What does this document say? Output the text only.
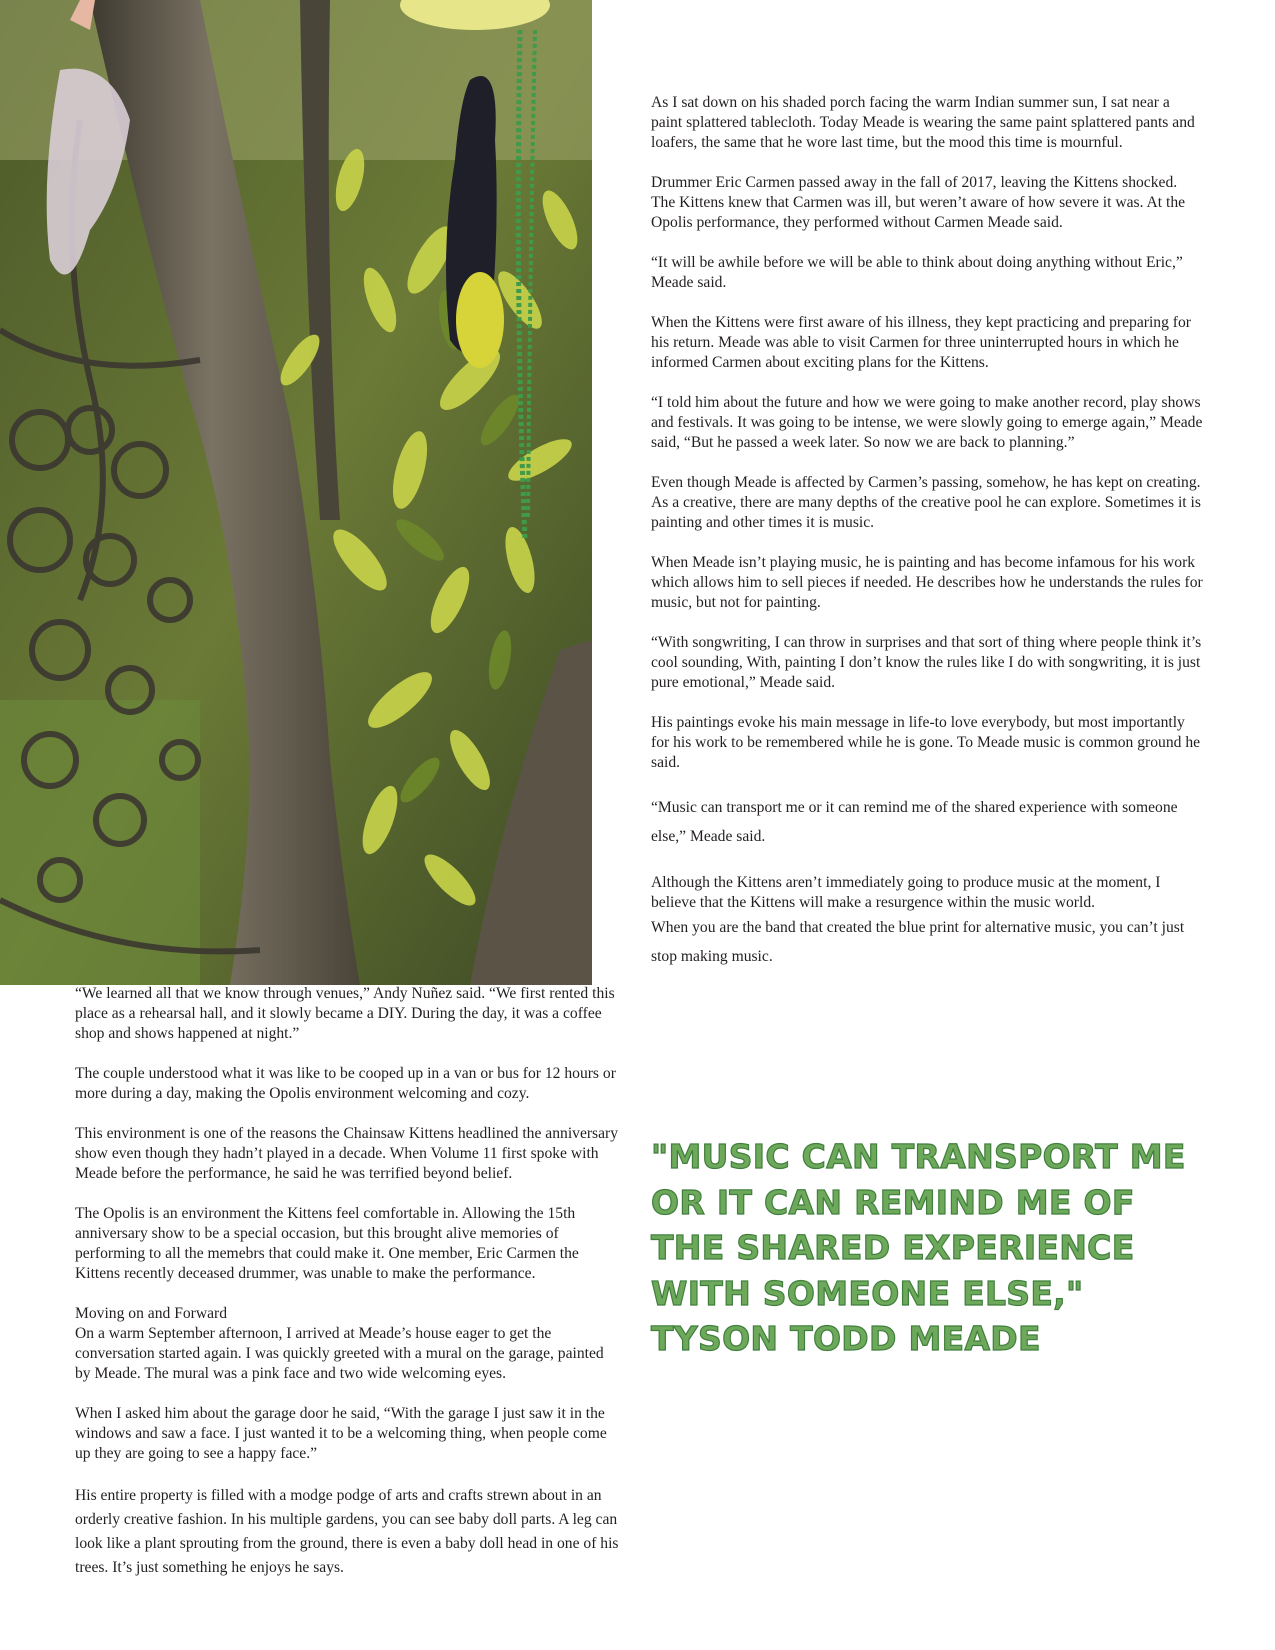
“We learned all that we know through venues,” Andy Nuñez said. “We first rented this place as a rehearsal hall, and it slowly became a DIY. During the day, it was a coffee shop and shows happened at night.”

The couple understood what it was like to be cooped up in a van or bus for 12 hours or more during a day, making the Opolis environment welcoming and cozy.

This environment is one of the reasons the Chainsaw Kittens headlined the anniversary show even though they hadn’t played in a decade. When Volume 11 first spoke with Meade before the performance, he said he was terrified beyond belief.

The Opolis is an environment the Kittens feel comfortable in. Allowing the 15th anniversary show to be a special occasion, but this brought alive memories of performing to all the memebrs that could make it. One member, Eric Carmen the Kittens recently deceased drummer, was unable to make the performance.

Moving on and Forward
On a warm September afternoon, I arrived at Meade’s house eager to get the conversation started again. I was quickly greeted with a mural on the garage, painted by Meade. The mural was a pink face and two wide welcoming eyes.

When I asked him about the garage door he said, “With the garage I just saw it in the windows and saw a face. I just wanted it to be a welcoming thing, when people come up they are going to see a happy face.”

His entire property is filled with a modge podge of arts and crafts strewn about in an orderly creative fashion. In his multiple gardens, you can see baby doll parts. A leg can look like a plant sprouting from the ground, there is even a baby doll head in one of his trees. It’s just something he enjoys he says.

As I sat down on his shaded porch facing the warm Indian summer sun, I sat near a paint splattered tablecloth. Today Meade is wearing the same paint splattered pants and loafers, the same that he wore last time, but the mood this time is mournful.

Drummer Eric Carmen passed away in the fall of 2017, leaving the Kittens shocked. The Kittens knew that Carmen was ill, but weren’t aware of how severe it was. At the Opolis performance, they performed without Carmen Meade said.

“It will be awhile before we will be able to think about doing anything without Eric,” Meade said.

When the Kittens were first aware of his illness, they kept practicing and preparing for his return. Meade was able to visit Carmen for three uninterrupted hours in which he informed Carmen about exciting plans for the Kittens.

“I told him about the future and how we were going to make another record, play shows and festivals. It was going to be intense, we were slowly going to emerge again,” Meade said, “But he passed a week later. So now we are back to planning.”

Even though Meade is affected by Carmen’s passing, somehow, he has kept on creating. As a creative, there are many depths of the creative pool he can explore. Sometimes it is painting and other times it is music.

When Meade isn’t playing music, he is painting and has become infamous for his work which allows him to sell pieces if needed. He describes how he understands the rules for music, but not for painting.

“With songwriting, I can throw in surprises and that sort of thing where people think it’s cool sounding, With, painting I don’t know the rules like I do with songwriting, it is just pure emotional,” Meade said.

His paintings evoke his main message in life-to love everybody, but most importantly for his work to be remembered while he is gone. To Meade music is common ground he said.

“Music can transport me or it can remind me of the shared experience with someone else,” Meade said.

Although the Kittens aren’t immediately going to produce music at the moment, I believe that the Kittens will make a resurgence within the music world.
When you are the band that created the blue print for alternative music, you can’t just stop making music.

"MUSIC CAN TRANSPORT ME OR IT CAN REMIND ME OF THE SHARED EXPERIENCE WITH SOMEONE ELSE," TYSON TODD MEADE
